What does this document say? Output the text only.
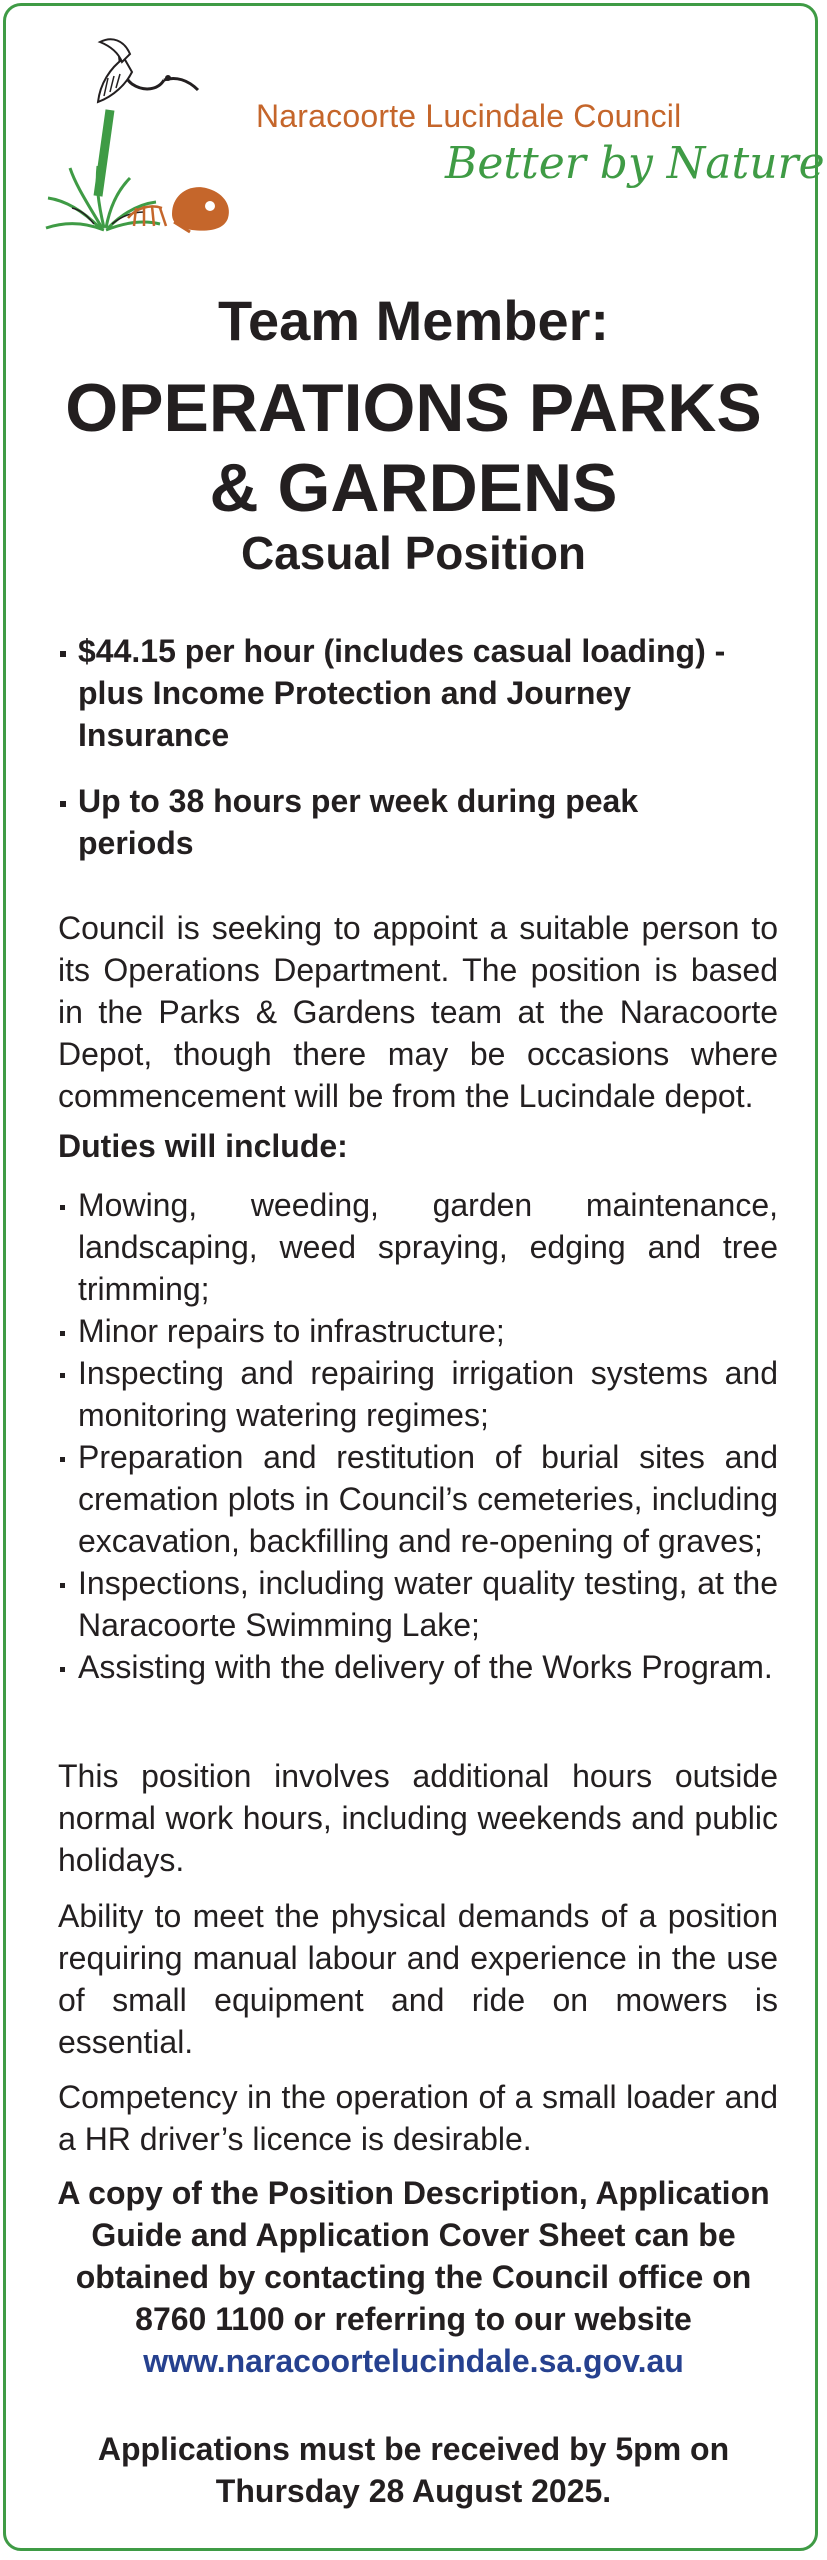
Naracoorte Lucindale Council
Better by Nature
Team Member:
OPERATIONS PARKS
& GARDENS
Casual Position
$44.15 per hour (includes casual loading) - plus Income Protection and Journey Insurance
Up to 38 hours per week during peak periods

Council is seeking to appoint a suitable person to its Operations Department. The position is based in the Parks & Gardens team at the Naracoorte Depot, though there may be occasions where commencement will be from the Lucindale depot.

Duties will include:
Mowing, weeding, garden maintenance, landscaping, weed spraying, edging and tree trimming;
Minor repairs to infrastructure;
Inspecting and repairing irrigation systems and monitoring watering regimes;
Preparation and restitution of burial sites and cremation plots in Council’s cemeteries, including excavation, backfilling and re-opening of graves;
Inspections, including water quality testing, at the Naracoorte Swimming Lake;
Assisting with the delivery of the Works Program.

This position involves additional hours outside normal work hours, including weekends and public holidays.

Ability to meet the physical demands of a position requiring manual labour and experience in the use of small equipment and ride on mowers is essential.

Competency in the operation of a small loader and a HR driver’s licence is desirable.

A copy of the Position Description, Application Guide and Application Cover Sheet can be obtained by contacting the Council office on 8760 1100 or referring to our website www.naracoortelucindale.sa.gov.au

Applications must be received by 5pm on Thursday 28 August 2025.
